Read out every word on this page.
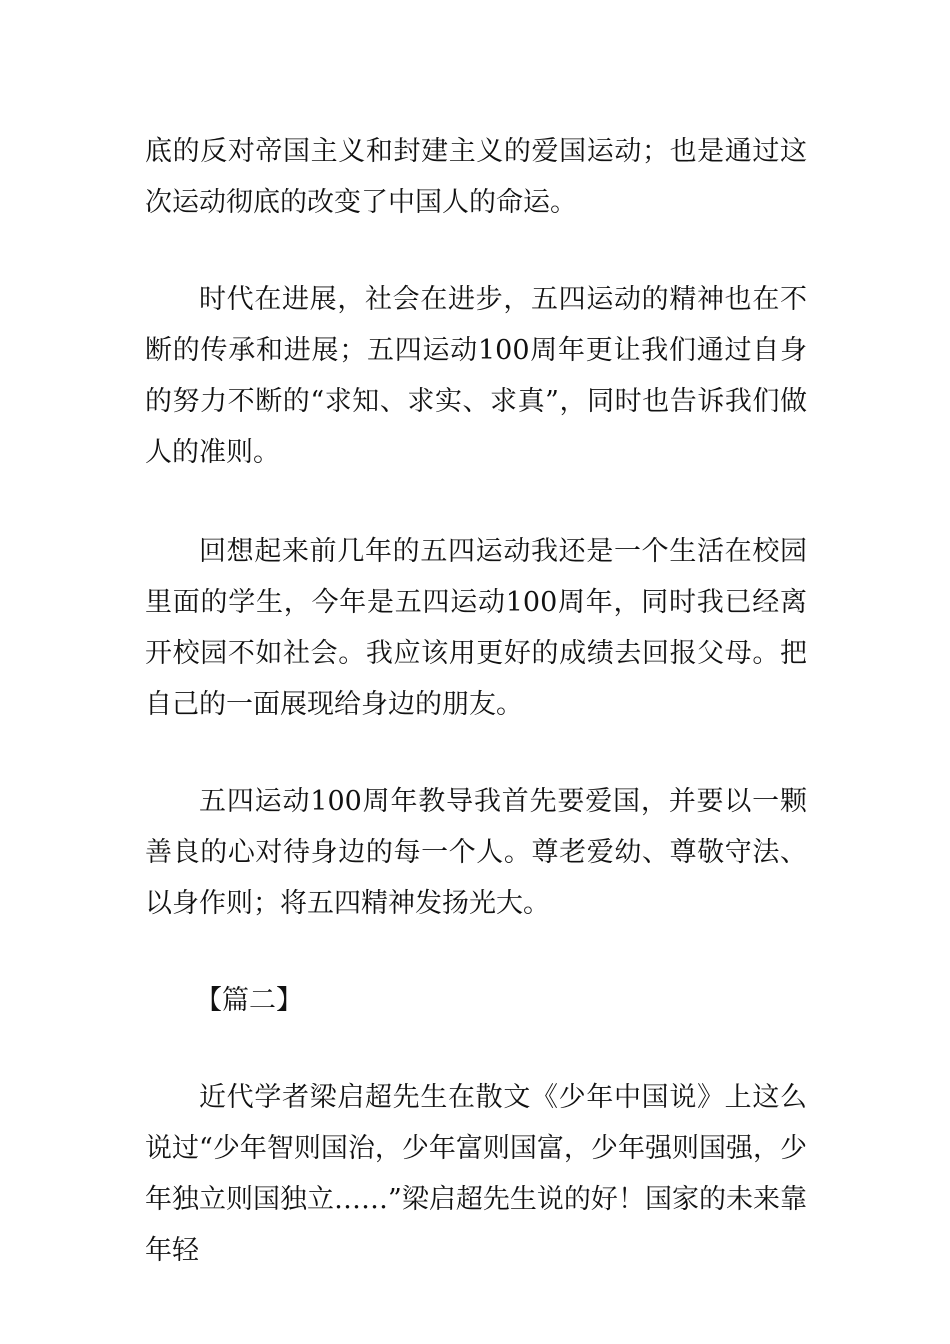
底的反对帝国主义和封建主义的爱国运动；也是通过这次运动彻底的改变了中国人的命运。

时代在进展，社会在进步，五四运动的精神也在不断的传承和进展；五四运动100周年更让我们通过自身的努力不断的“求知、求实、求真”，同时也告诉我们做人的准则。

回想起来前几年的五四运动我还是一个生活在校园里面的学生，今年是五四运动100周年，同时我已经离开校园不如社会。我应该用更好的成绩去回报父母。把自己的一面展现给身边的朋友。

五四运动100周年教导我首先要爱国，并要以一颗善良的心对待身边的每一个人。尊老爱幼、尊敬守法、以身作则；将五四精神发扬光大。

【篇二】

近代学者梁启超先生在散文《少年中国说》上这么说过“少年智则国治，少年富则国富，少年强则国强，少年独立则国独立……”梁启超先生说的好！国家的未来靠年轻
